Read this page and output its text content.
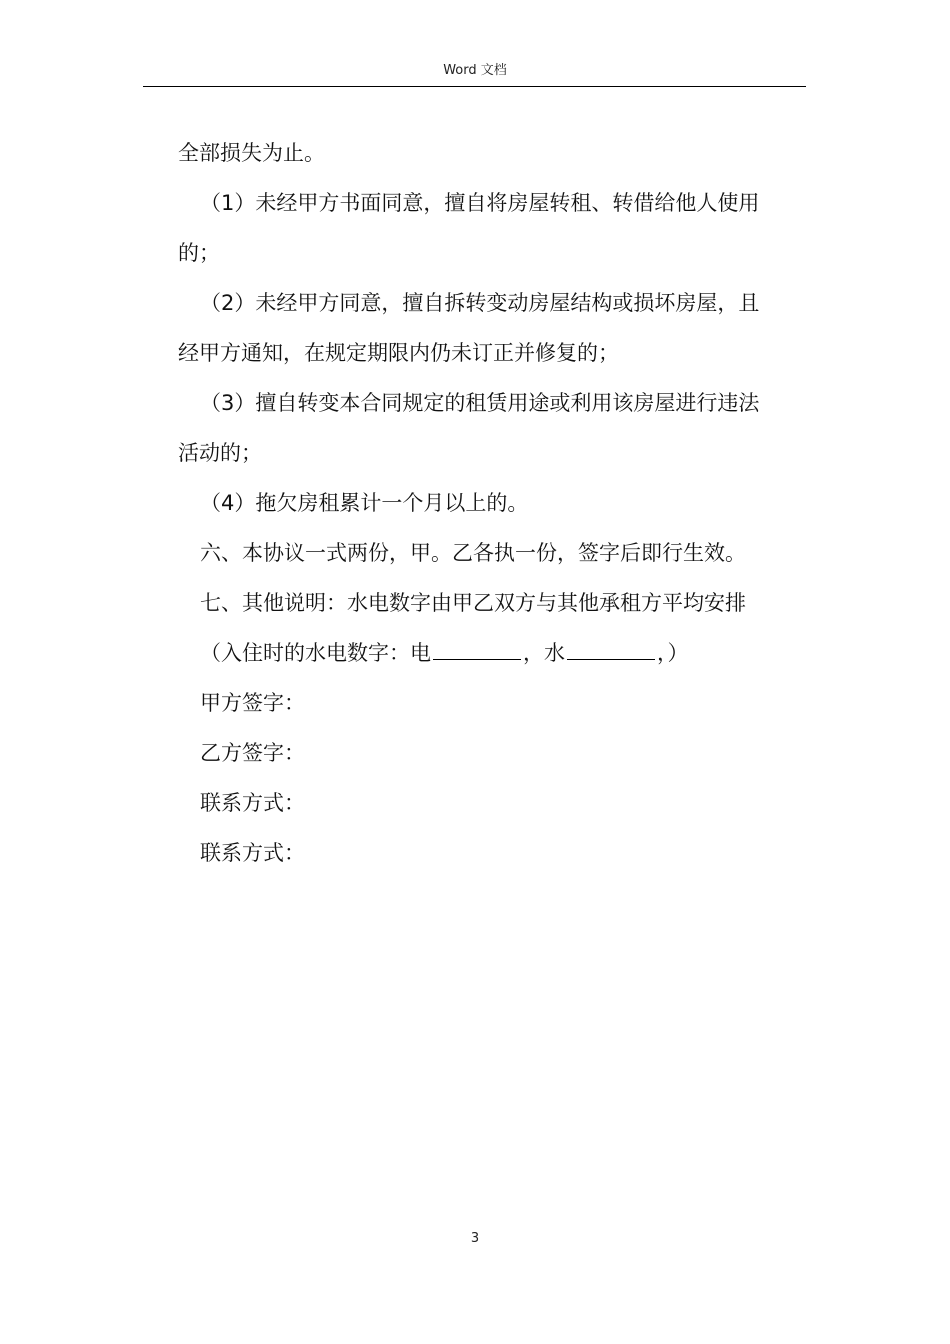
Word 文档
全部损失为止。
（1）未经甲方书面同意，擅自将房屋转租、转借给他人使用
的；
（2）未经甲方同意，擅自拆转变动房屋结构或损坏房屋，且
经甲方通知，在规定期限内仍未订正并修复的；
（3）擅自转变本合同规定的租赁用途或利用该房屋进行违法
活动的；
（4）拖欠房租累计一个月以上的。
六、本协议一式两份，甲。乙各执一份，签字后即行生效。
七、其他说明：水电数字由甲乙双方与其他承租方平均安排
（入住时的水电数字：电	，水	，）
甲方签字：
乙方签字：
联系方式：
联系方式：
3
